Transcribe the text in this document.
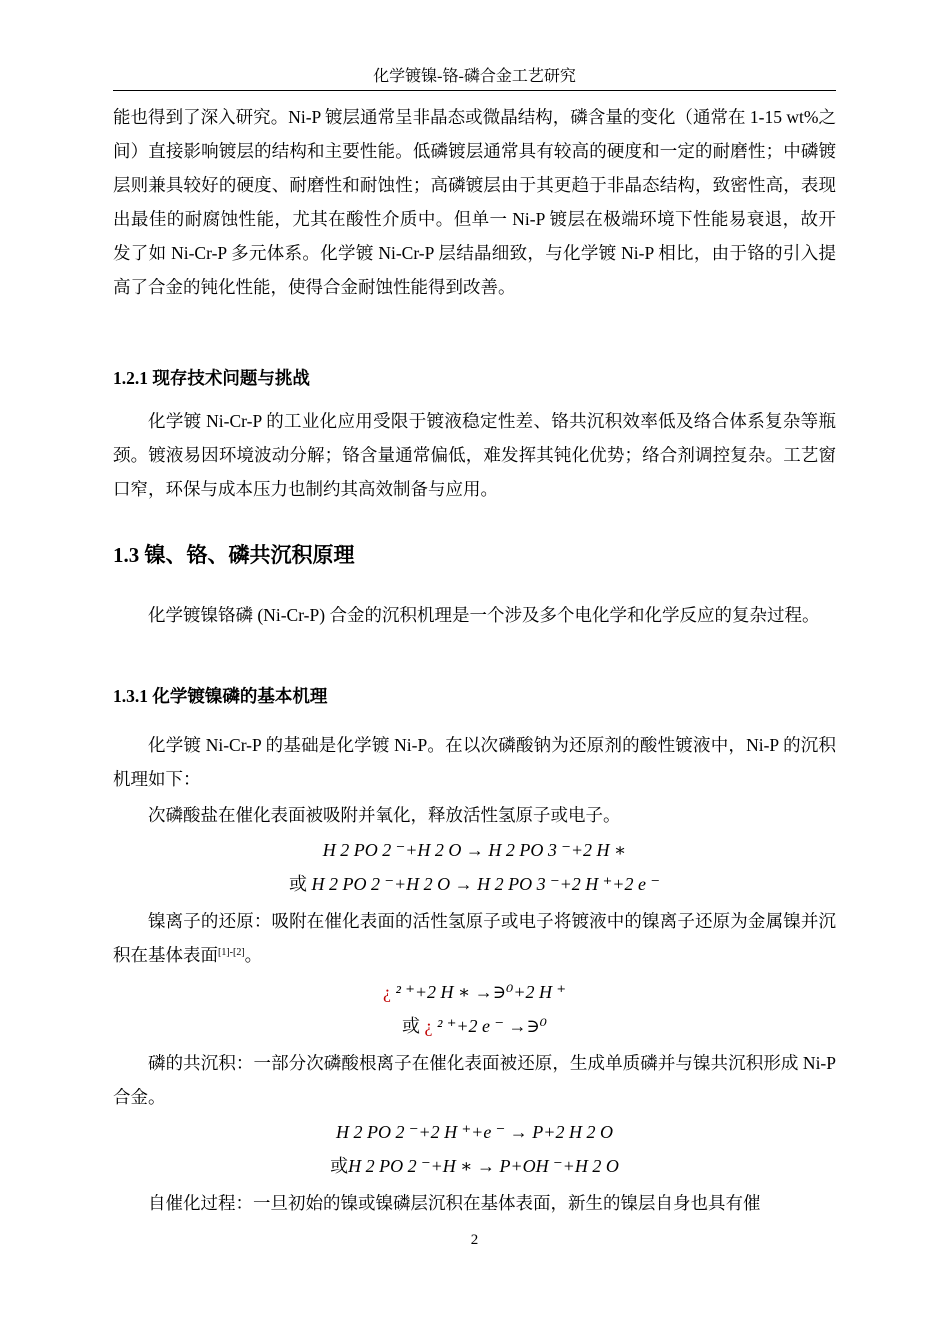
化学镀镍-铬-磷合金工艺研究

能也得到了深入研究。Ni-P 镀层通常呈非晶态或微晶结构，磷含量的变化（通常在 1-15 wt%之间）直接影响镀层的结构和主要性能。低磷镀层通常具有较高的硬度和一定的耐磨性；中磷镀层则兼具较好的硬度、耐磨性和耐蚀性；高磷镀层由于其更趋于非晶态结构，致密性高，表现出最佳的耐腐蚀性能，尤其在酸性介质中。但单一 Ni-P 镀层在极端环境下性能易衰退，故开发了如 Ni-Cr-P 多元体系。化学镀 Ni-Cr-P 层结晶细致，与化学镀 Ni-P 相比，由于铬的引入提高了合金的钝化性能，使得合金耐蚀性能得到改善。

1.2.1 现存技术问题与挑战

化学镀 Ni-Cr-P 的工业化应用受限于镀液稳定性差、铬共沉积效率低及络合体系复杂等瓶颈。镀液易因环境波动分解；铬含量通常偏低，难发挥其钝化优势；络合剂调控复杂。工艺窗口窄，环保与成本压力也制约其高效制备与应用。

1.3 镍、铬、磷共沉积原理

化学镀镍铬磷 (Ni-Cr-P) 合金的沉积机理是一个涉及多个电化学和化学反应的复杂过程。

1.3.1 化学镀镍磷的基本机理

化学镀 Ni-Cr-P 的基础是化学镀 Ni-P。在以次磷酸钠为还原剂的酸性镀液中，Ni-P 的沉积机理如下：

次磷酸盐在催化表面被吸附并氧化，释放活性氢原子或电子。

H 2 PO 2 ⁻+H 2 O → H 2 PO 3 ⁻+2 H ∗
或 H 2 PO 2 ⁻+H 2 O → H 2 PO 3 ⁻+2 H ⁺+2 e ⁻

镍离子的还原：吸附在催化表面的活性氢原子或电子将镀液中的镍离子还原为金属镍并沉积在基体表面[1]-[2]。

¿ ² ⁺+2 H ∗ →∋⁰+2 H ⁺
或 ¿ ² ⁺+2 e ⁻ →∋⁰

磷的共沉积：一部分次磷酸根离子在催化表面被还原，生成单质磷并与镍共沉积形成 Ni-P 合金。

H 2 PO 2 ⁻+2 H ⁺+e ⁻ → P+2 H 2 O
或H 2 PO 2 ⁻+H ∗ → P+OH ⁻+H 2 O

自催化过程：一旦初始的镍或镍磷层沉积在基体表面，新生的镍层自身也具有催

2
